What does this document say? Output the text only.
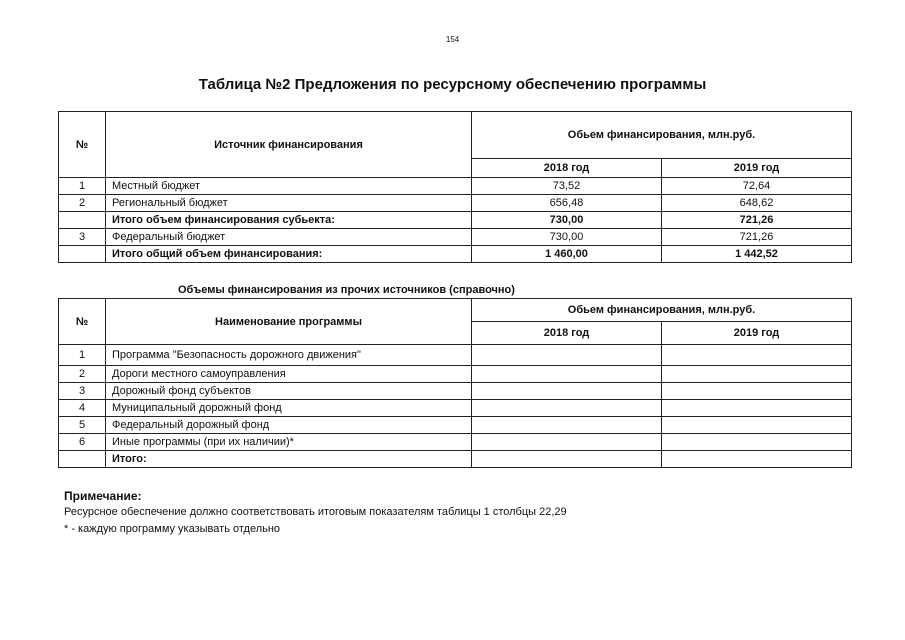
154
Таблица №2 Предложения по ресурсному обеспечению программы
№	Источник финансирования	Обьем финансирования, млн.руб.	
		2018 год	2019 год
1	Местный бюджет	73,52	72,64
2	Региональный бюджет	656,48	648,62
	Итого объем финансирования субьекта:	730,00	721,26
3	Федеральный бюджет	730,00	721,26
	Итого общий объем финансирования:	1 460,00	1 442,52
Объемы финансирования из прочих источников (справочно)
№	Наименование программы	Обьем финансирования, млн.руб.	
		2018 год	2019 год
1	Программа "Безопасность дорожного движения"		
2	Дороги местного самоуправления		
3	Дорожный фонд субъектов		
4	Муниципальный дорожный фонд		
5	Федеральный дорожный фонд		
6	Иные программы (при их наличии)*		
	Итого:		
Примечание:
Ресурсное обеспечение должно соответствовать итоговым показателям таблицы 1 столбцы 22,29
* - каждую программу указывать отдельно
